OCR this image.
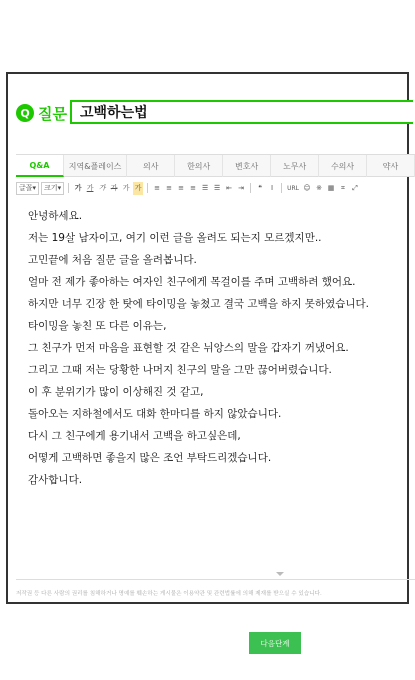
Q 질문 고백하는법
Q&A	지역&플레이스	의사	한의사	변호사	노무사	수의사	약사
글꼴 ▾	크기 ▾	가 가 가 가 가 가 ≡ ≡ ≡ ≡ ☰ ☰ ⇤ ⇥	❝	Ⅰ	URL ☺ ※ ▦ ⌗	⤢
안녕하세요.
저는 19살 남자이고, 여기 이런 글을 올려도 되는지 모르겠지만..
고민끝에 처음 질문 글을 올려봅니다.
얼마 전 제가 좋아하는 여자인 친구에게 목걸이를 주며 고백하려 했어요.
하지만 너무 긴장 한 탓에 타이밍을 놓쳤고 결국 고백을 하지 못하였습니다.
타이밍을 놓친 또 다른 이유는,
그 친구가 먼저 마음을 표현할 것 같은 뉘앙스의 말을 갑자기 꺼냈어요.
그리고 그때 저는 당황한 나머지 친구의 말을 그만 끊어버렸습니다.
이 후 분위기가 많이 이상해진 것 같고,
돌아오는 지하철에서도 대화 한마디를 하지 않았습니다.
다시 그 친구에게 용기내서 고백을 하고싶은데,
어떻게 고백하면 좋을지 많은 조언 부탁드리겠습니다.
감사합니다.
저작권 등 다른 사람의 권리를 침해하거나 명예를 훼손하는 게시물은 이용약관 및 관련법률에 의해 제재를 받으실 수 있습니다.
다음단계
